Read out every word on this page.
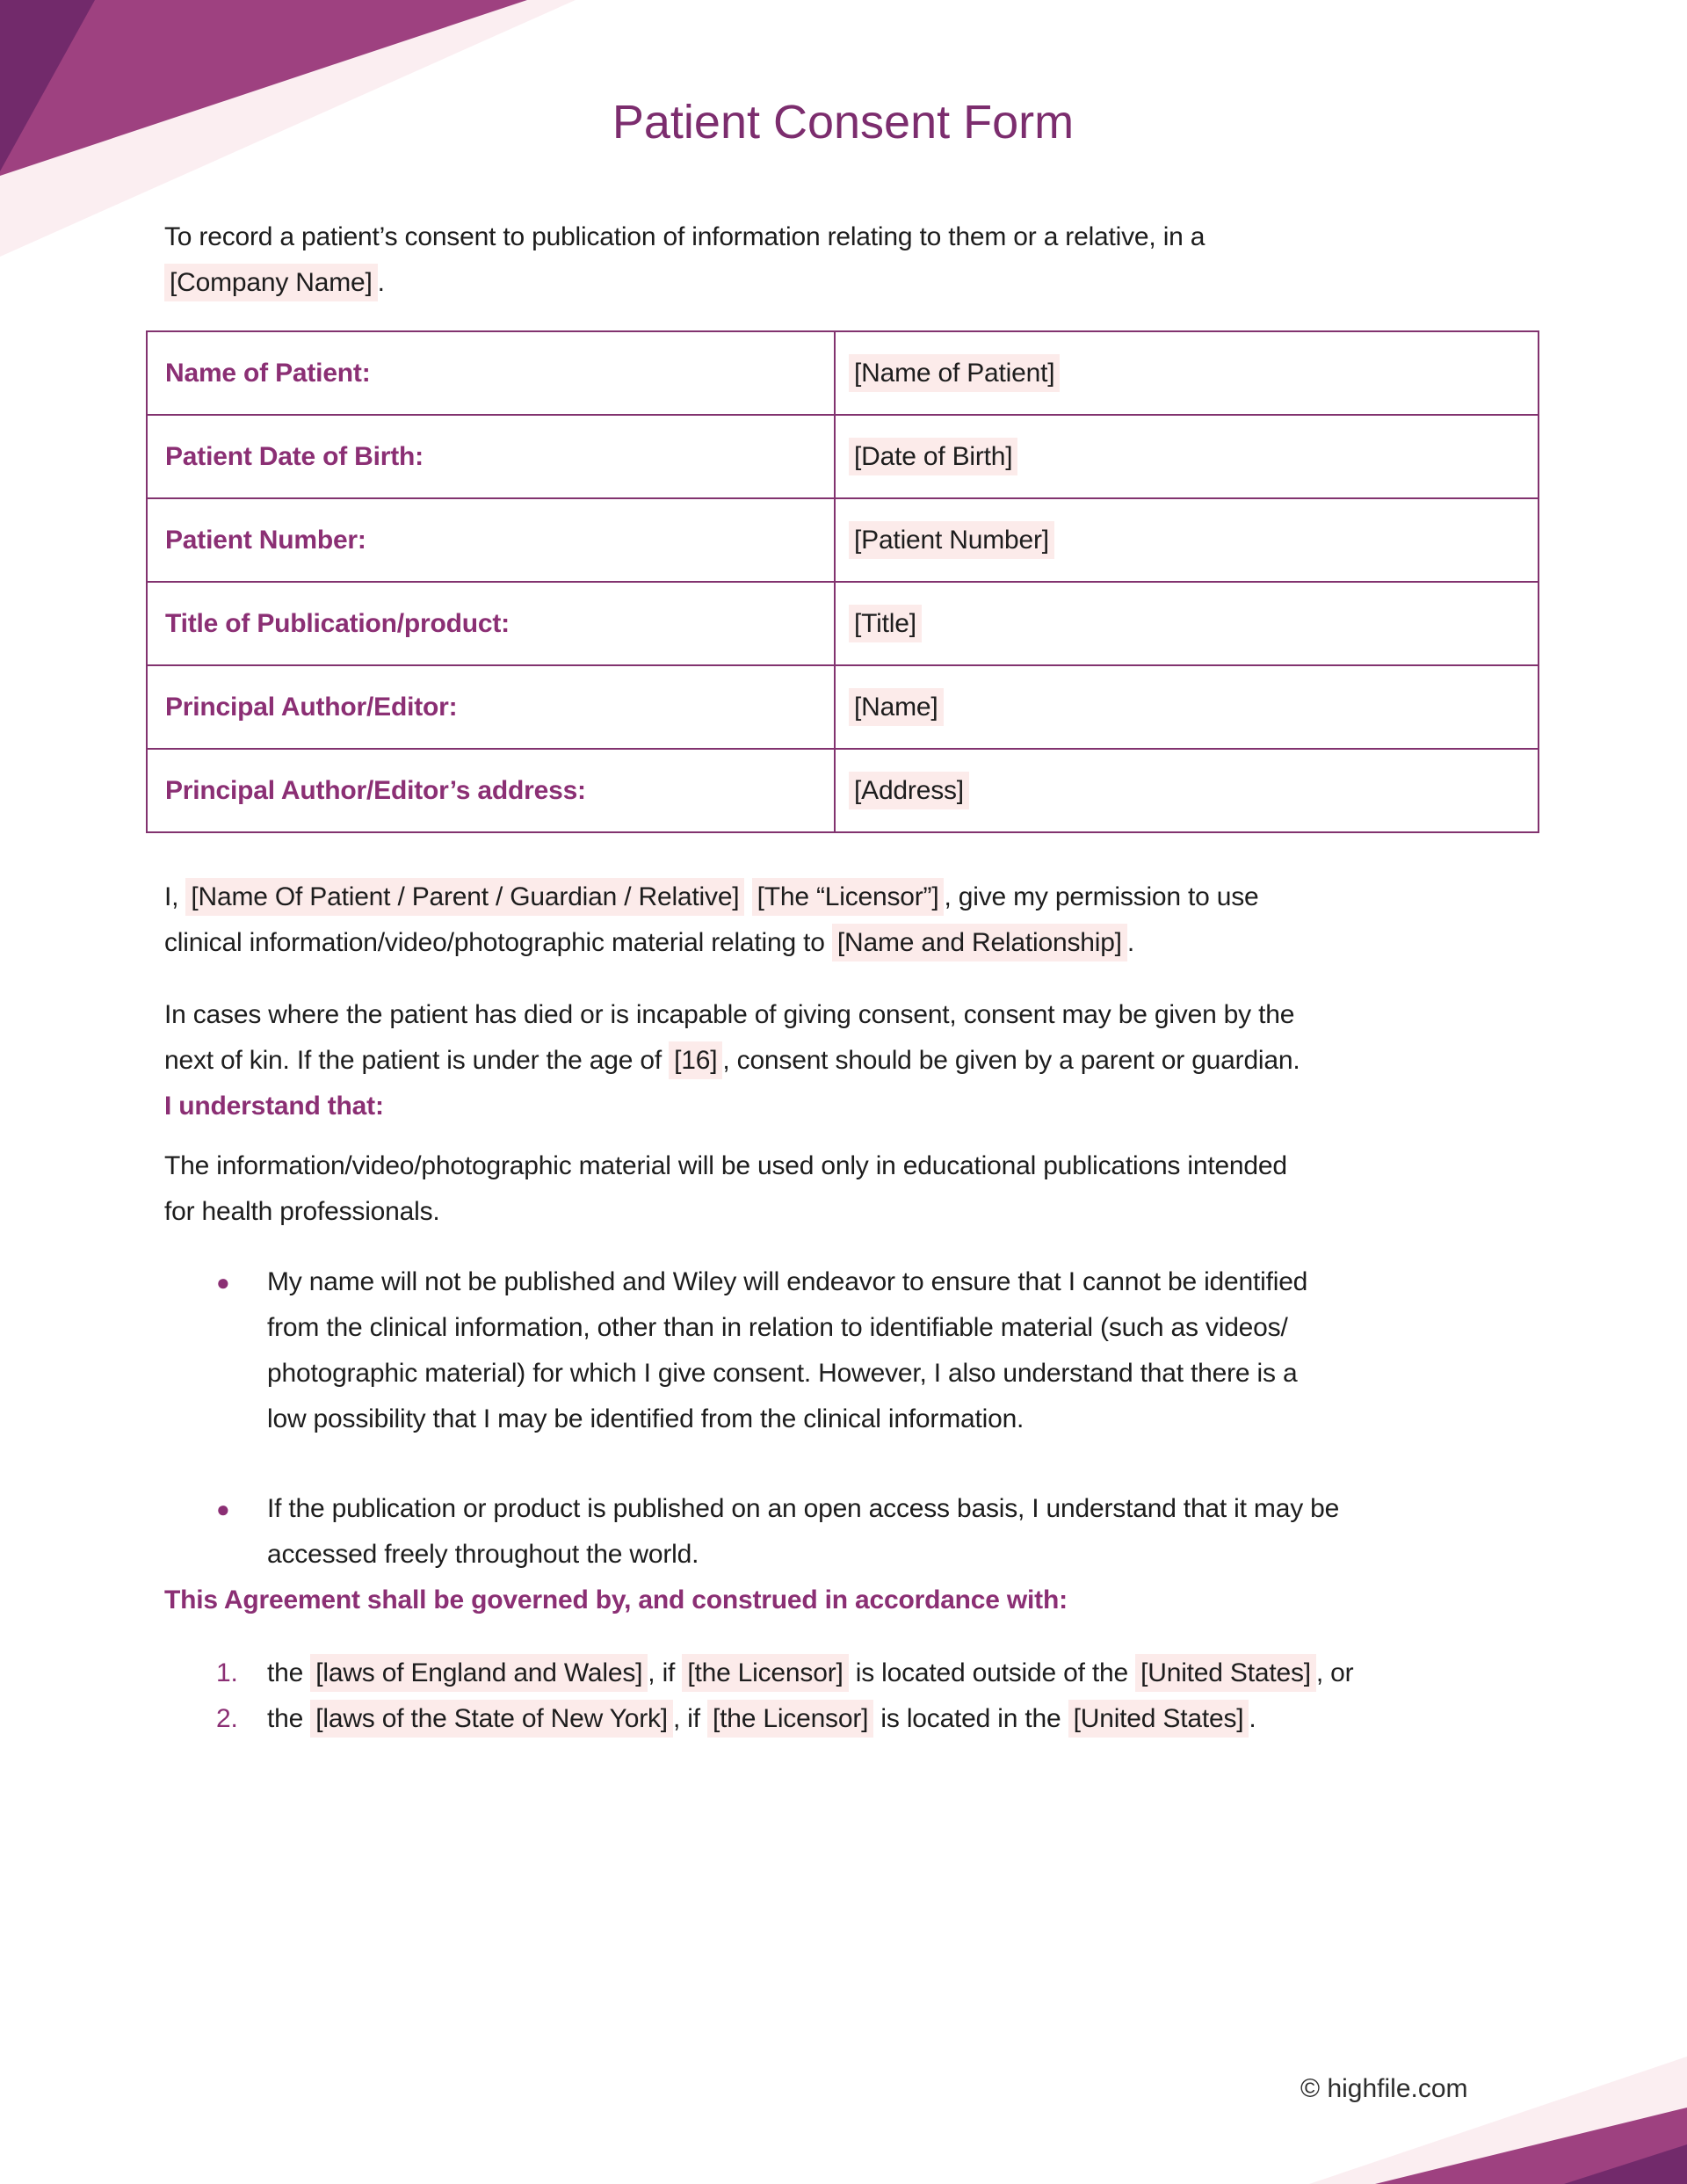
Patient Consent Form

To record a patient’s consent to publication of information relating to them or a relative, in a
[Company Name] .

Name of Patient:	[Name of Patient]
Patient Date of Birth:	[Date of Birth]
Patient Number:	[Patient Number]
Title of Publication/product:	[Title]
Principal Author/Editor:	[Name]
Principal Author/Editor’s address:	[Address]

I, [Name Of Patient / Parent / Guardian / Relative] [The “Licensor”] , give my permission to use
clinical information/video/photographic material relating to [Name and Relationship] .

In cases where the patient has died or is incapable of giving consent, consent may be given by the
next of kin. If the patient is under the age of [16] , consent should be given by a parent or guardian.

I understand that:

The information/video/photographic material will be used only in educational publications intended
for health professionals.

● My name will not be published and Wiley will endeavor to ensure that I cannot be identified
from the clinical information, other than in relation to identifiable material (such as videos/
photographic material) for which I give consent. However, I also understand that there is a
low possibility that I may be identified from the clinical information.
● If the publication or product is published on an open access basis, I understand that it may be
accessed freely throughout the world.
This Agreement shall be governed by, and construed in accordance with:
1. the [laws of England and Wales] , if [the Licensor] is located outside of the [United States] , or
2. the [laws of the State of New York] , if [the Licensor] is located in the [United States] .
© highfile.com
